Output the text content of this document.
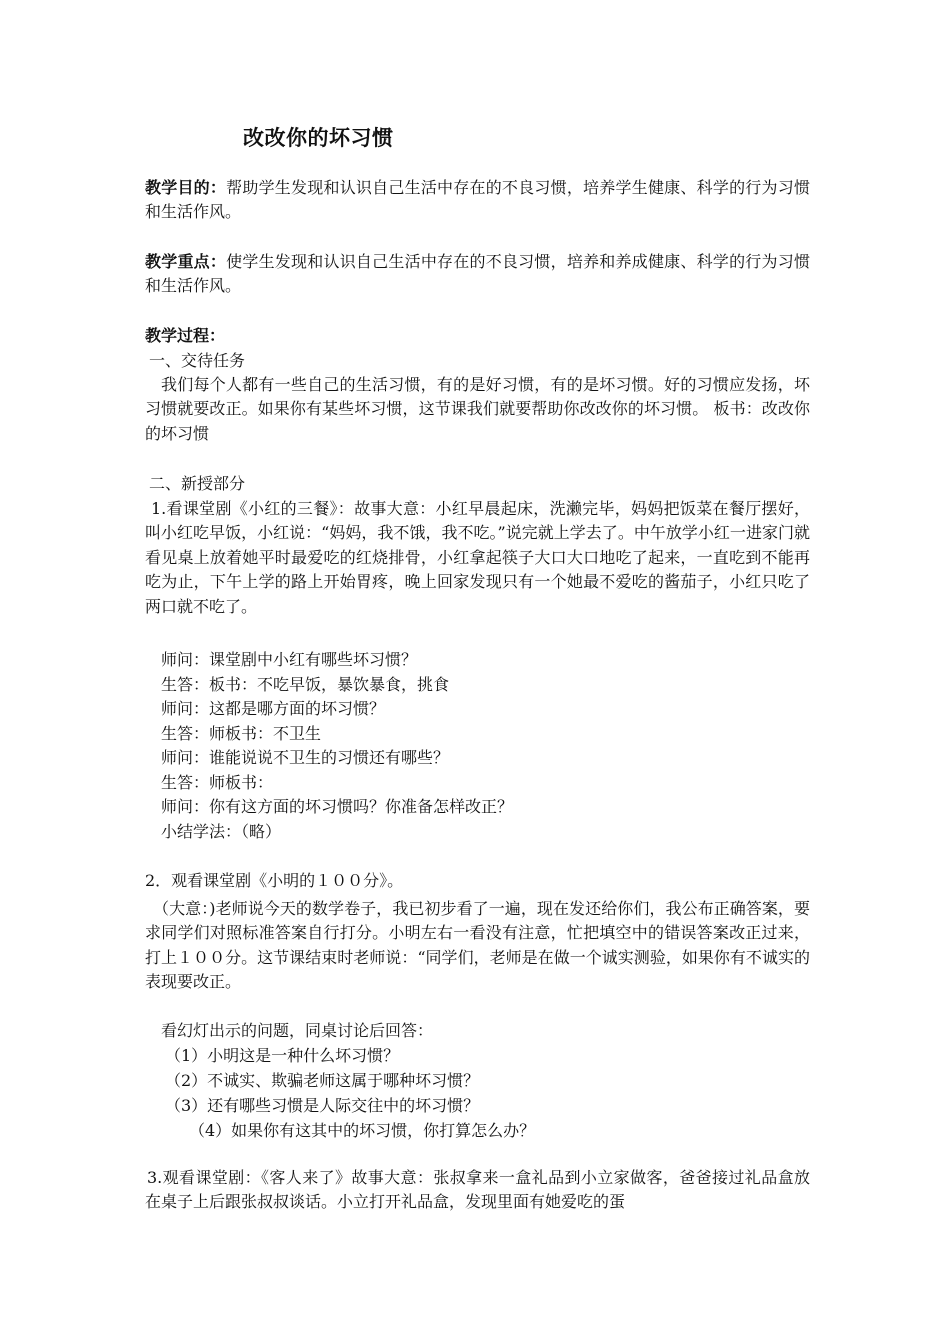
改改你的坏习惯
教学目的：帮助学生发现和认识自己生活中存在的不良习惯，培养学生健康、科学的行为习惯和生活作风。
教学重点：使学生发现和认识自己生活中存在的不良习惯，培养和养成健康、科学的行为习惯和生活作风。
教学过程：
一、交待任务
我们每个人都有一些自己的生活习惯，有的是好习惯，有的是坏习惯。好的习惯应发扬，坏习惯就要改正。如果你有某些坏习惯，这节课我们就要帮助你改改你的坏习惯。 板书：改改你的坏习惯
二、新授部分
1.看课堂剧《小红的三餐》：故事大意：小红早晨起床，洗濑完毕，妈妈把饭菜在餐厅摆好，叫小红吃早饭，小红说：“妈妈，我不饿，我不吃。”说完就上学去了。中午放学小红一进家门就看见桌上放着她平时最爱吃的红烧排骨，小红拿起筷子大口大口地吃了起来，一直吃到不能再吃为止，下午上学的路上开始胃疼，晚上回家发现只有一个她最不爱吃的酱茄子，小红只吃了两口就不吃了。
师问：课堂剧中小红有哪些坏习惯？
生答：板书：不吃早饭，暴饮暴食，挑食
师问：这都是哪方面的坏习惯？
生答：师板书：不卫生
师问：谁能说说不卫生的习惯还有哪些？
生答：师板书：
师问：你有这方面的坏习惯吗？你准备怎样改正？
小结学法：（略）
2．观看课堂剧《小明的１００分》。
（大意：)老师说今天的数学卷子，我已初步看了一遍，现在发还给你们，我公布正确答案，要求同学们对照标准答案自行打分。小明左右一看没有注意，忙把填空中的错误答案改正过来，打上１００分。这节课结束时老师说：“同学们，老师是在做一个诚实测验，如果你有不诚实的表现要改正。
看幻灯出示的问题，同桌讨论后回答：
（1）小明这是一种什么坏习惯？
（2）不诚实、欺骗老师这属于哪种坏习惯？
（3）还有哪些习惯是人际交往中的坏习惯？
（4）如果你有这其中的坏习惯，你打算怎么办？
3.观看课堂剧：《客人来了》故事大意：张叔拿来一盒礼品到小立家做客，爸爸接过礼品盒放在桌子上后跟张叔叔谈话。小立打开礼品盒，发现里面有她爱吃的蛋
